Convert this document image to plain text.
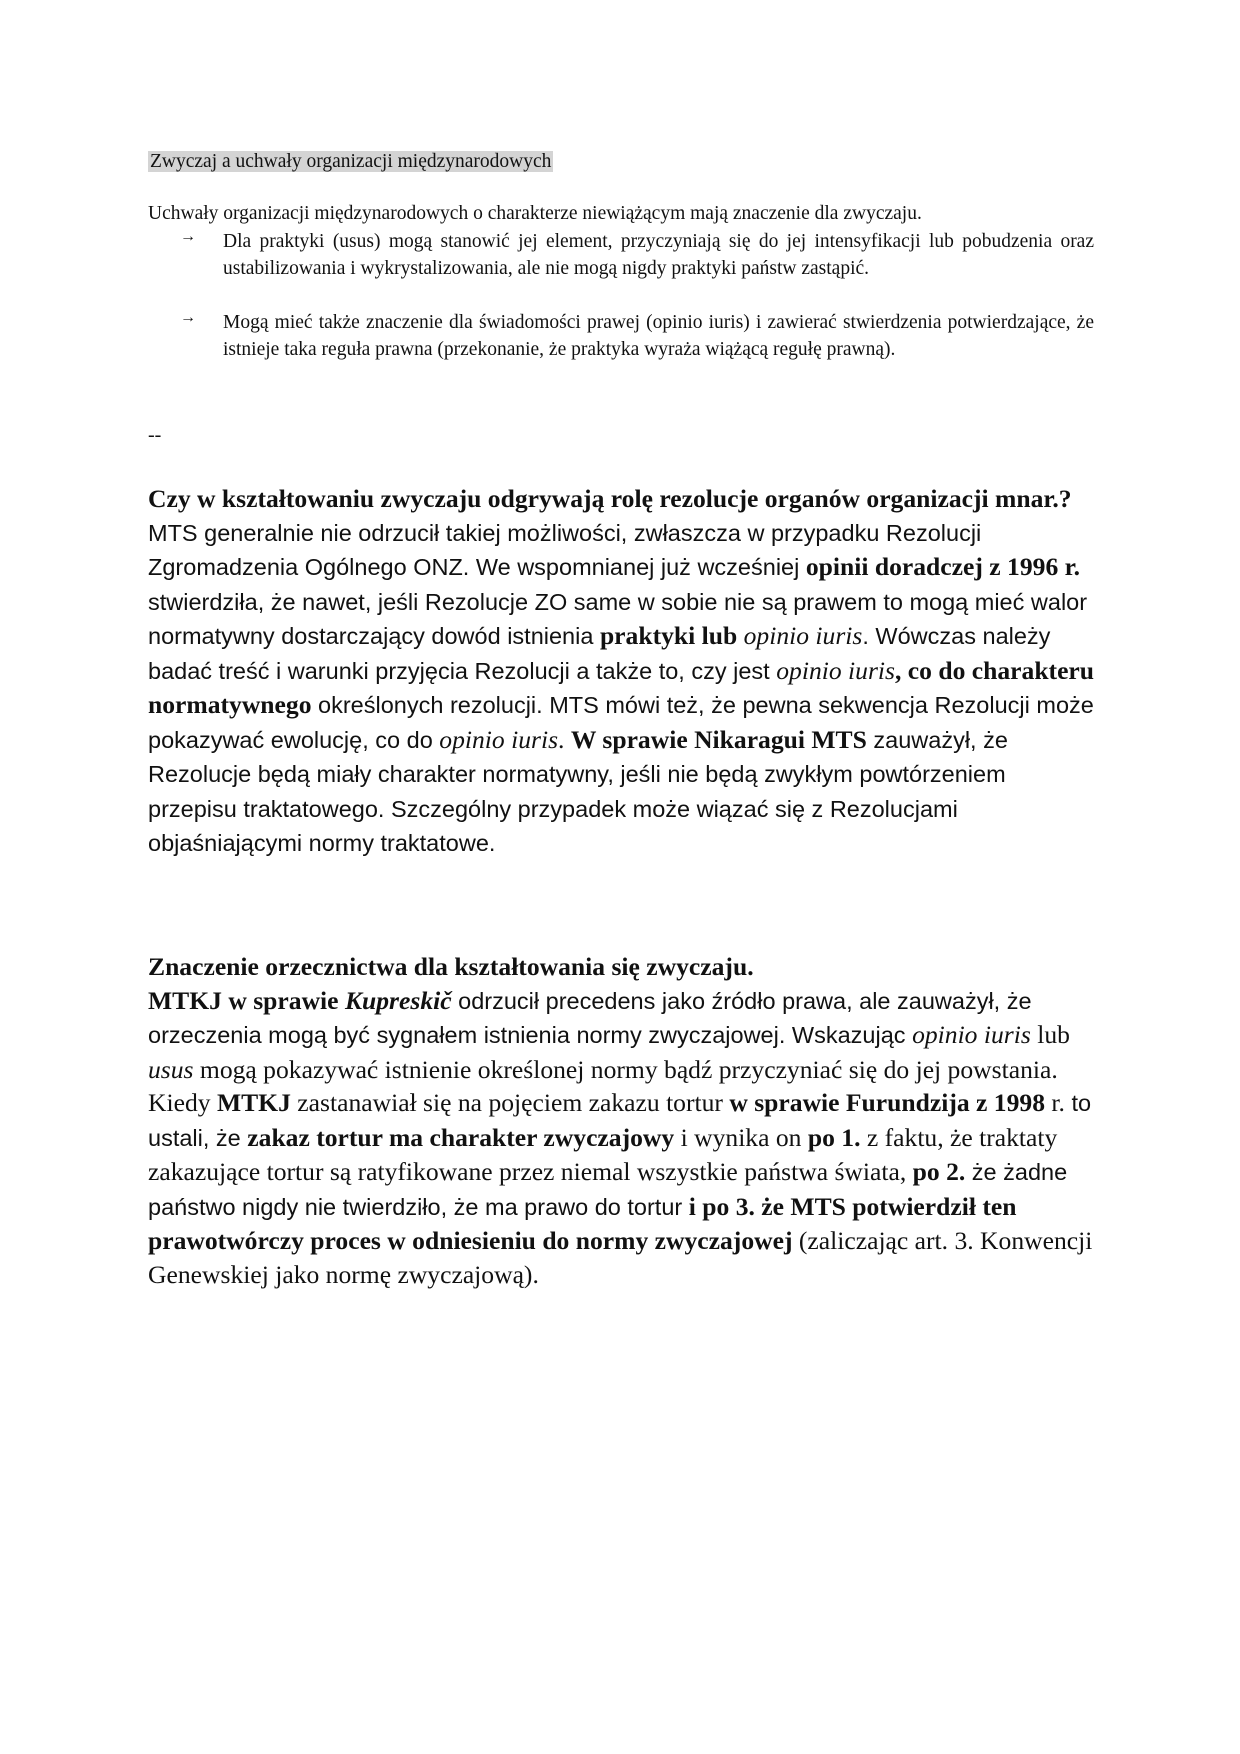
Zwyczaj a uchwały organizacji międzynarodowych
Uchwały organizacji międzynarodowych o charakterze niewiążącym mają znaczenie dla zwyczaju.
→	Dla praktyki (usus) mogą stanowić jej element, przyczyniają się do jej intensyfikacji lub pobudzenia oraz ustabilizowania i wykrystalizowania, ale nie mogą nigdy praktyki państw zastąpić.
→	Mogą mieć także znaczenie dla świadomości prawej (opinio iuris) i zawierać stwierdzenia potwierdzające, że istnieje taka reguła prawna (przekonanie, że praktyka wyraża wiążącą regułę prawną).
--

Czy w kształtowaniu zwyczaju odgrywają rolę rezolucje organów organizacji mnar.?

MTS generalnie nie odrzucił takiej możliwości, zwłaszcza w przypadku Rezolucji Zgromadzenia Ogólnego ONZ. We wspomnianej już wcześniej opinii doradczej z 1996 r. stwierdziła, że nawet, jeśli Rezolucje ZO same w sobie nie są prawem to mogą mieć walor normatywny dostarczający dowód istnienia praktyki lub opinio iuris. Wówczas należy badać treść i warunki przyjęcia Rezolucji a także to, czy jest opinio iuris, co do charakteru normatywnego określonych rezolucji. MTS mówi też, że pewna sekwencja Rezolucji może pokazywać ewolucję, co do opinio iuris. W sprawie Nikaragui MTS zauważył, że Rezolucje będą miały charakter normatywny, jeśli nie będą zwykłym powtórzeniem przepisu traktatowego. Szczególny przypadek może wiązać się z Rezolucjami objaśniającymi normy traktatowe.

Znaczenie orzecznictwa dla kształtowania się zwyczaju.

MTKJ w sprawie Kupreskič odrzucił precedens jako źródło prawa, ale zauważył, że orzeczenia mogą być sygnałem istnienia normy zwyczajowej. Wskazując opinio iuris lub usus mogą pokazywać istnienie określonej normy bądź przyczyniać się do jej powstania.

Kiedy MTKJ zastanawiał się na pojęciem zakazu tortur w sprawie Furundzija z 1998 r. to ustali, że zakaz tortur ma charakter zwyczajowy i wynika on po 1. z faktu, że traktaty zakazujące tortur są ratyfikowane przez niemal wszystkie państwa świata, po 2. że żadne państwo nigdy nie twierdziło, że ma prawo do tortur i po 3. że MTS potwierdził ten prawotwórczy proces w odniesieniu do normy zwyczajowej (zaliczając art. 3. Konwencji Genewskiej jako normę zwyczajową).
